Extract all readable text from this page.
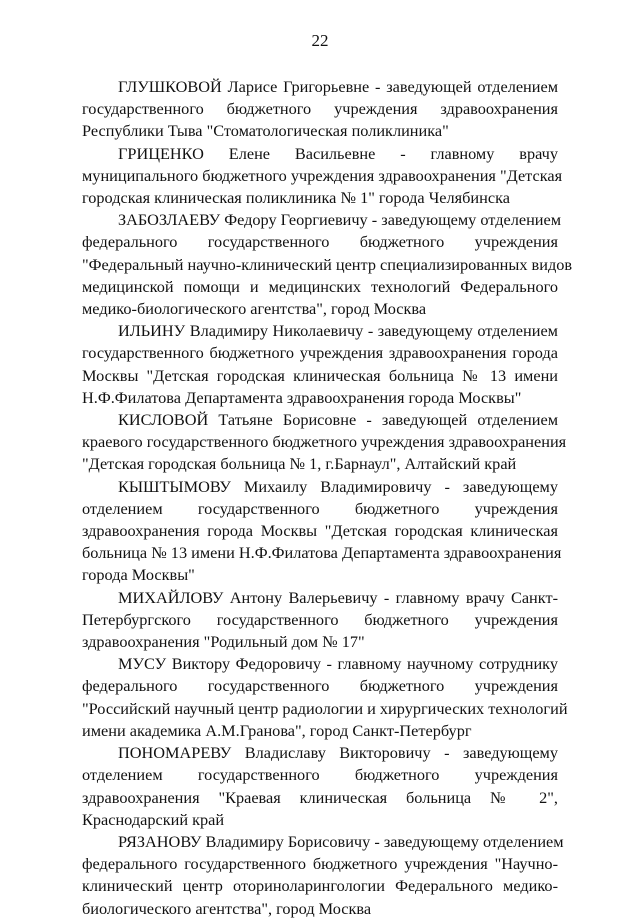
22
ГЛУШКОВОЙ Ларисе Григорьевне - заведующей отделением
государственного бюджетного учреждения здравоохранения
Республики Тыва "Стоматологическая поликлиника"
ГРИЦЕНКО Елене Васильевне - главному врачу
муниципального бюджетного учреждения здравоохранения "Детская
городская клиническая поликлиника № 1" города Челябинска
ЗАБОЗЛАЕВУ Федору Георгиевичу - заведующему отделением
федерального государственного бюджетного учреждения
"Федеральный научно-клинический центр специализированных видов
медицинской помощи и медицинских технологий Федерального
медико-биологического агентства", город Москва
ИЛЬИНУ Владимиру Николаевичу - заведующему отделением
государственного бюджетного учреждения здравоохранения города
Москвы "Детская городская клиническая больница № 13 имени
Н.Ф.Филатова Департамента здравоохранения города Москвы"
КИСЛОВОЙ Татьяне Борисовне - заведующей отделением
краевого государственного бюджетного учреждения здравоохранения
"Детская городская больница № 1, г.Барнаул", Алтайский край
КЫШТЫМОВУ Михаилу Владимировичу - заведующему
отделением государственного бюджетного учреждения
здравоохранения города Москвы "Детская городская клиническая
больница № 13 имени Н.Ф.Филатова Департамента здравоохранения
города Москвы"
МИХАЙЛОВУ Антону Валерьевичу - главному врачу Санкт-
Петербургского государственного бюджетного учреждения
здравоохранения "Родильный дом № 17"
МУСУ Виктору Федоровичу - главному научному сотруднику
федерального государственного бюджетного учреждения
"Российский научный центр радиологии и хирургических технологий
имени академика А.М.Гранова", город Санкт-Петербург
ПОНОМАРЕВУ Владиславу Викторовичу - заведующему
отделением государственного бюджетного учреждения
здравоохранения "Краевая клиническая больница № 2",
Краснодарский край
РЯЗАНОВУ Владимиру Борисовичу - заведующему отделением
федерального государственного бюджетного учреждения "Научно-
клинический центр оториноларингологии Федерального медико-
биологического агентства", город Москва
